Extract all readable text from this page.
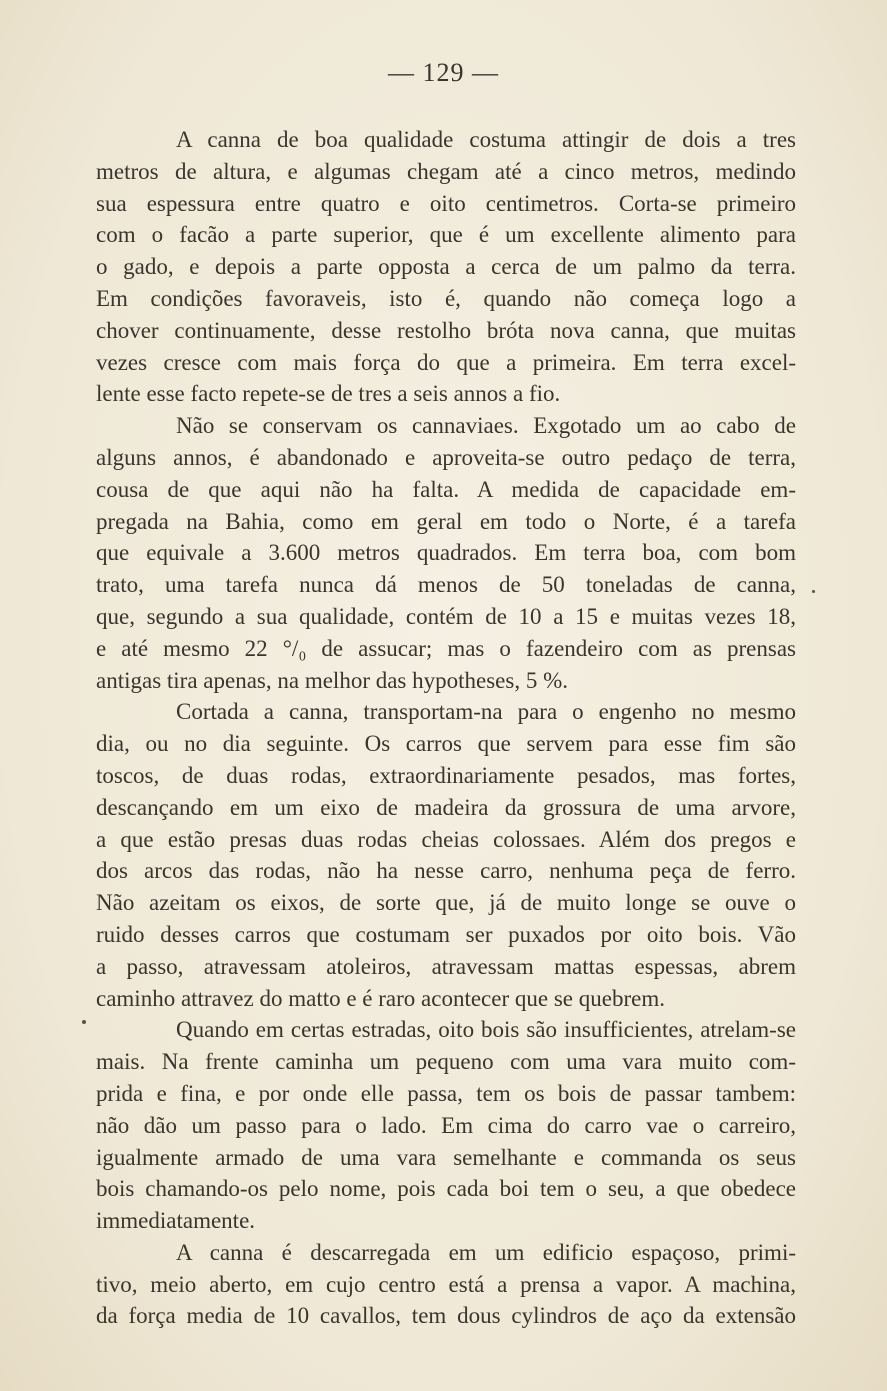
— 129 —
A canna de boa qualidade costuma attingir de dois a tres
metros de altura, e algumas chegam até a cinco metros, medindo
sua espessura entre quatro e oito centimetros. Corta-se primeiro
com o facão a parte superior, que é um excellente alimento para
o gado, e depois a parte opposta a cerca de um palmo da terra.
Em condições favoraveis, isto é, quando não começa logo a
chover continuamente, desse restolho bróta nova canna, que muitas
vezes cresce com mais força do que a primeira. Em terra excel-
lente esse facto repete-se de tres a seis annos a fio.
Não se conservam os cannaviaes. Exgotado um ao cabo de
alguns annos, é abandonado e aproveita-se outro pedaço de terra,
cousa de que aqui não ha falta. A medida de capacidade em-
pregada na Bahia, como em geral em todo o Norte, é a tarefa
que equivale a 3.600 metros quadrados. Em terra boa, com bom
trato, uma tarefa nunca dá menos de 50 toneladas de canna,
que, segundo a sua qualidade, contém de 10 a 15 e muitas vezes 18,
e até mesmo 22 °/₀ de assucar; mas o fazendeiro com as prensas
antigas tira apenas, na melhor das hypotheses, 5 %.
Cortada a canna, transportam-na para o engenho no mesmo
dia, ou no dia seguinte. Os carros que servem para esse fim são
toscos, de duas rodas, extraordinariamente pesados, mas fortes,
descançando em um eixo de madeira da grossura de uma arvore,
a que estão presas duas rodas cheias colossaes. Além dos pregos e
dos arcos das rodas, não ha nesse carro, nenhuma peça de ferro.
Não azeitam os eixos, de sorte que, já de muito longe se ouve o
ruido desses carros que costumam ser puxados por oito bois. Vão
a passo, atravessam atoleiros, atravessam mattas espessas, abrem
caminho attravez do matto e é raro acontecer que se quebrem.
Quando em certas estradas, oito bois são insufficientes, atrelam-se
mais. Na frente caminha um pequeno com uma vara muito com-
prida e fina, e por onde elle passa, tem os bois de passar tambem:
não dão um passo para o lado. Em cima do carro vae o carreiro,
igualmente armado de uma vara semelhante e commanda os seus
bois chamando-os pelo nome, pois cada boi tem o seu, a que obedece
immediatamente.
A canna é descarregada em um edificio espaçoso, primi-
tivo, meio aberto, em cujo centro está a prensa a vapor. A machina,
da força media de 10 cavallos, tem dous cylindros de aço da extensão
